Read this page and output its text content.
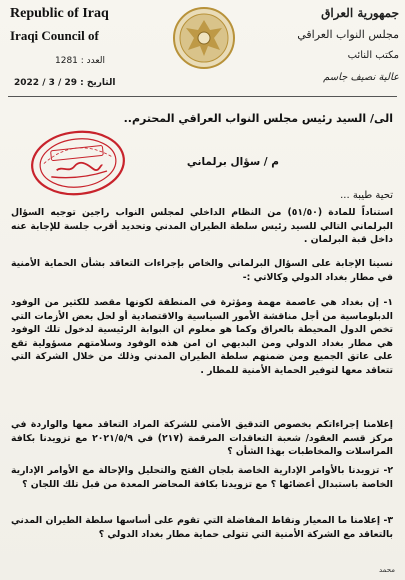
Republic of Iraq
Iraqi Council of
العدد : 1281
التاريخ : 29 / 3 / 2022
جمهورية العراق
مجلس النواب العراقي
مكتب النائب
عالية نصيف جاسم
الى/ السيد رئيس مجلس النواب العراقي المحترم..
م / سؤال برلماني
تحية طيبة ...
استناداً للمادة (٥١/٥٠) من النظام الداخلي لمجلس النواب راجين توجيه السؤال البرلماني التالي للسيد رئيس سلطة الطيران المدني وتحديد أقرب جلسة للإجابة عنه داخل قبة البرلمان .
نسينا الإجابة على السؤال البرلماني والخاص بإجراءات التعاقد بشأن الحماية الأمنية في مطار بغداد الدولي وكالاتي :-
١- إن بغداد هي عاصمة مهمة ومؤثرة في المنطقة لكونها مقصد للكثير من الوفود الدبلوماسية من أجل مناقشة الأمور السياسية والاقتصادية أو لحل بعض الأزمات التي تخص الدول المحيطة بالعراق وكما هو معلوم ان البوابة الرئيسية لدخول تلك الوفود هي مطار بغداد الدولي ومن البديهي ان امن هذه الوفود وسلامتهم مسؤولية تقع على عاتق الجميع ومن ضمنهم سلطة الطيران المدني وذلك من خلال الشركة التي تتعاقد معها لتوفير الحماية الأمنية للمطار .
إعلامنا إجراءاتكم بخصوص التدقيق الأمني للشركة المراد التعاقد معها والواردة في مركز قسم العقود/ شعبة التعاقدات المرقمة (٢١٧) في ٢٠٢١/٥/٩ مع تزويدنا بكافة المراسلات والمخاطبات بهذا الشأن ؟
٢- تزويدنا بالأوامر الإدارية الخاصة بلجان الفتح والتحليل والإحالة مع الأوامر الإدارية الخاصة باستبدال أعضائها ؟ مع تزويدنا بكافة المحاضر المعدة من قبل تلك اللجان ؟
٣- إعلامنا ما المعيار ونقاط المفاضلة التي تقوم على أساسها سلطة الطيران المدني بالتعاقد مع الشركة الأمنية التي تتولى حماية مطار بغداد الدولي ؟
محمد
